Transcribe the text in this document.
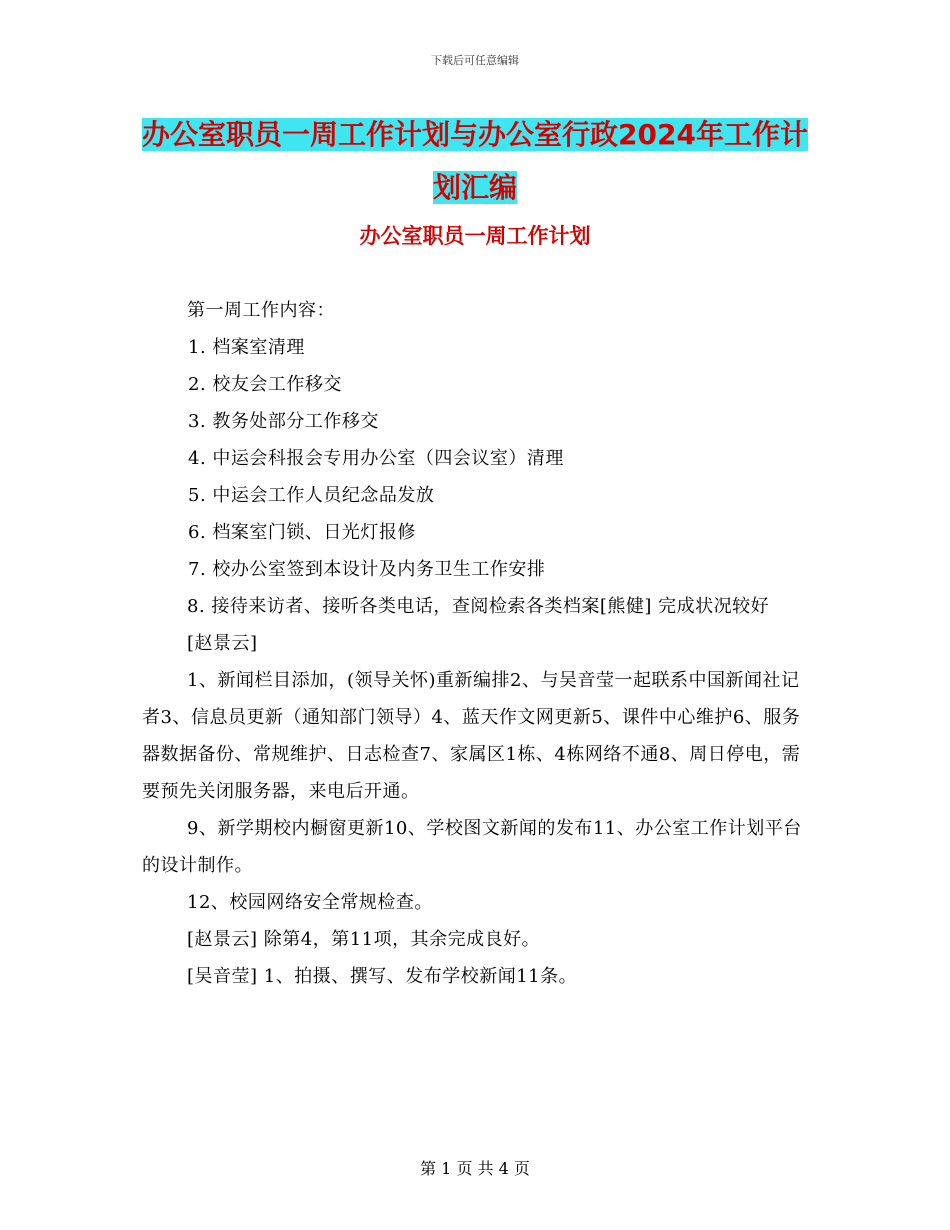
下载后可任意编辑
办公室职员一周工作计划与办公室行政2024年工作计
划汇编
办公室职员一周工作计划

第一周工作内容：

1. 档案室清理

2. 校友会工作移交

3. 教务处部分工作移交

4. 中运会科报会专用办公室（四会议室）清理

5. 中运会工作人员纪念品发放

6. 档案室门锁、日光灯报修

7. 校办公室签到本设计及内务卫生工作安排

8. 接待来访者、接听各类电话，查阅检索各类档案[熊健] 完成状况较好

[赵景云]

1、新闻栏目添加，(领导关怀)重新编排2、与吴音莹一起联系中国新闻社记者3、信息员更新（通知部门领导）4、蓝天作文网更新5、课件中心维护6、服务器数据备份、常规维护、日志检查7、家属区1栋、4栋网络不通8、周日停电，需要预先关闭服务器，来电后开通。

9、新学期校内橱窗更新10、学校图文新闻的发布11、办公室工作计划平台的设计制作。

12、校园网络安全常规检查。

[赵景云] 除第4，第11项，其余完成良好。

[吴音莹] 1、拍摄、撰写、发布学校新闻11条。

第 1 页 共 4 页
